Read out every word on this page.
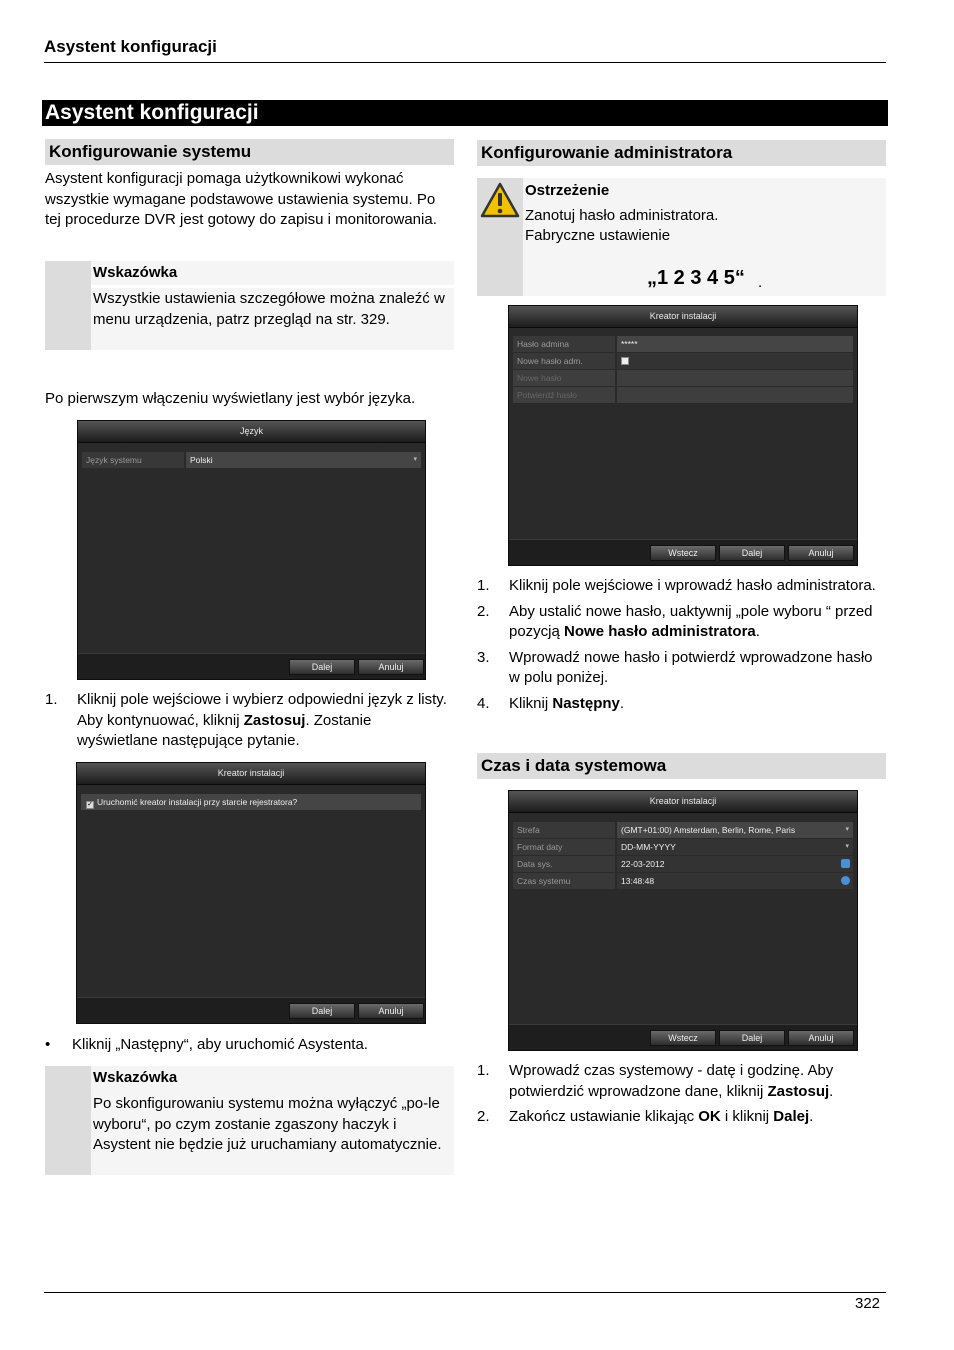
Asystent konfiguracji
Asystent konfiguracji
Konfigurowanie systemu
Asystent konfiguracji pomaga użytkownikowi wykonać wszystkie wymagane podstawowe ustawienia systemu. Po tej procedurze DVR jest gotowy do zapisu i monitorowania.
Wskazówka
Wszystkie ustawienia szczegółowe można znaleźć w menu urządzenia, patrz przegląd na str. 329.
Po pierwszym włączeniu wyświetlany jest wybór języka.
Język
Język systemu	Polski	▾
Dalej	Anuluj
1. Kliknij pole wejściowe i wybierz odpowiedni język z listy. Aby kontynuować, kliknij Zastosuj. Zostanie wyświetlane następujące pytanie.
Kreator instalacji
✓ Uruchomić kreator instalacji przy starcie rejestratora?
Dalej	Anuluj
• Kliknij „Następny“, aby uruchomić Asystenta.
Wskazówka
Po skonfigurowaniu systemu można wyłączyć „po-le wyboru“, po czym zostanie zgaszony haczyk i Asystent nie będzie już uruchamiany automatycznie.
Konfigurowanie administratora
Ostrzeżenie
Zanotuj hasło administratora.
Fabryczne ustawienie
„1 2 3 4 5“ .
Kreator instalacji
Hasło admina	*****
Nowe hasło adm.
Nowe hasło
Potwierdź hasło
Wstecz	Dalej	Anuluj
1. Kliknij pole wejściowe i wprowadź hasło administratora.
2. Aby ustalić nowe hasło, uaktywnij „pole wyboru “ przed pozycją Nowe hasło administratora.
3. Wprowadź nowe hasło i potwierdź wprowadzone hasło w polu poniżej.
4. Kliknij Następny.
Czas i data systemowa
Kreator instalacji
Strefa	(GMT+01:00) Amsterdam, Berlin, Rome, Paris	▾
Format daty	DD-MM-YYYY	▾
Data sys.	22-03-2012
Czas systemu	13:48:48
Wstecz	Dalej	Anuluj
1. Wprowadź czas systemowy - datę i godzinę. Aby potwierdzić wprowadzone dane, kliknij Zastosuj.
2. Zakończ ustawianie klikając OK i kliknij Dalej.
322
